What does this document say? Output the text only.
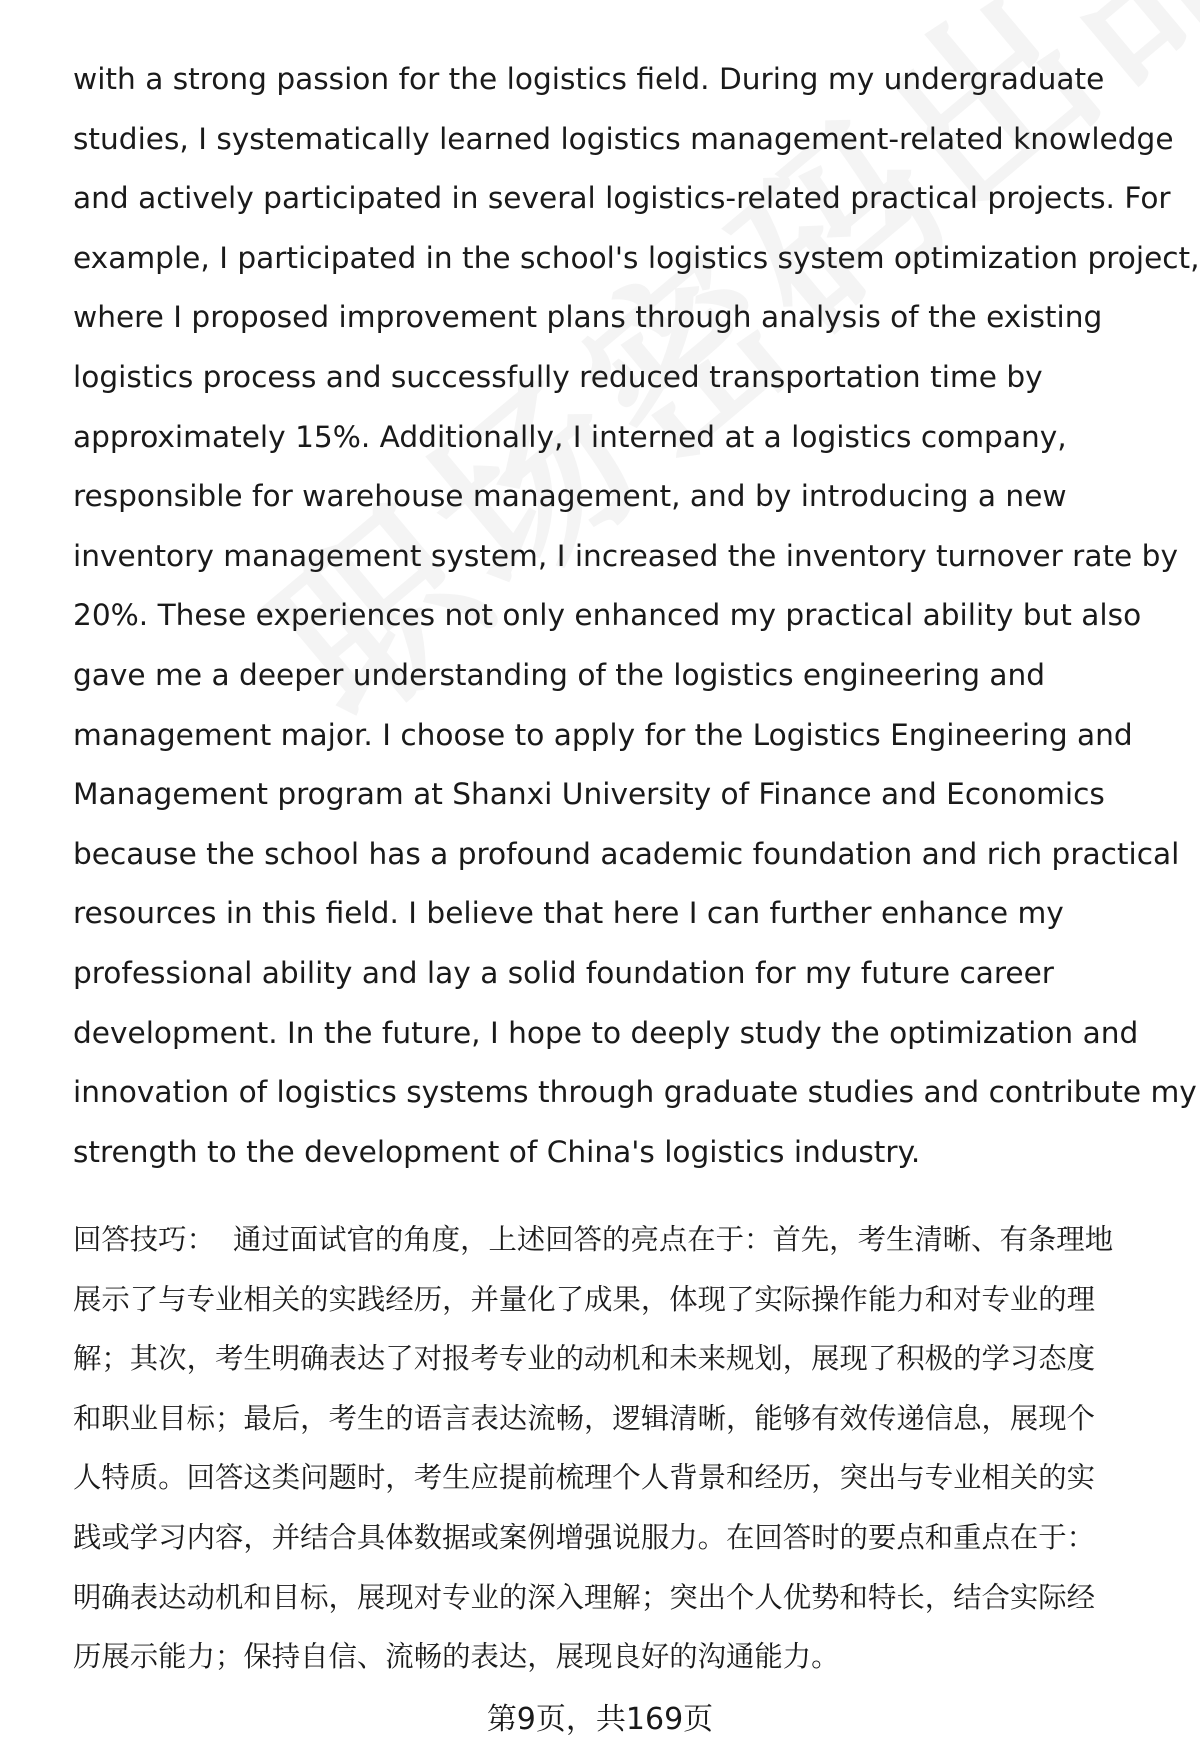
with a strong passion for the logistics field. During my undergraduate
studies, I systematically learned logistics management-related knowledge
and actively participated in several logistics-related practical projects. For
example, I participated in the school's logistics system optimization project,
where I proposed improvement plans through analysis of the existing
logistics process and successfully reduced transportation time by
approximately 15%. Additionally, I interned at a logistics company,
responsible for warehouse management, and by introducing a new
inventory management system, I increased the inventory turnover rate by
20%. These experiences not only enhanced my practical ability but also
gave me a deeper understanding of the logistics engineering and
management major. I choose to apply for the Logistics Engineering and
Management program at Shanxi University of Finance and Economics
because the school has a profound academic foundation and rich practical
resources in this field. I believe that here I can further enhance my
professional ability and lay a solid foundation for my future career
development. In the future, I hope to deeply study the optimization and
innovation of logistics systems through graduate studies and contribute my
strength to the development of China's logistics industry.

回答技巧： 通过面试官的角度，上述回答的亮点在于：首先，考生清晰、有条理地
展示了与专业相关的实践经历，并量化了成果，体现了实际操作能力和对专业的理
解；其次，考生明确表达了对报考专业的动机和未来规划，展现了积极的学习态度
和职业目标；最后，考生的语言表达流畅，逻辑清晰，能够有效传递信息，展现个
人特质。回答这类问题时，考生应提前梳理个人背景和经历，突出与专业相关的实
践或学习内容，并结合具体数据或案例增强说服力。在回答时的要点和重点在于：
明确表达动机和目标，展现对专业的深入理解；突出个人优势和特长，结合实际经
历展示能力；保持自信、流畅的表达，展现良好的沟通能力。

第9页，共169页
